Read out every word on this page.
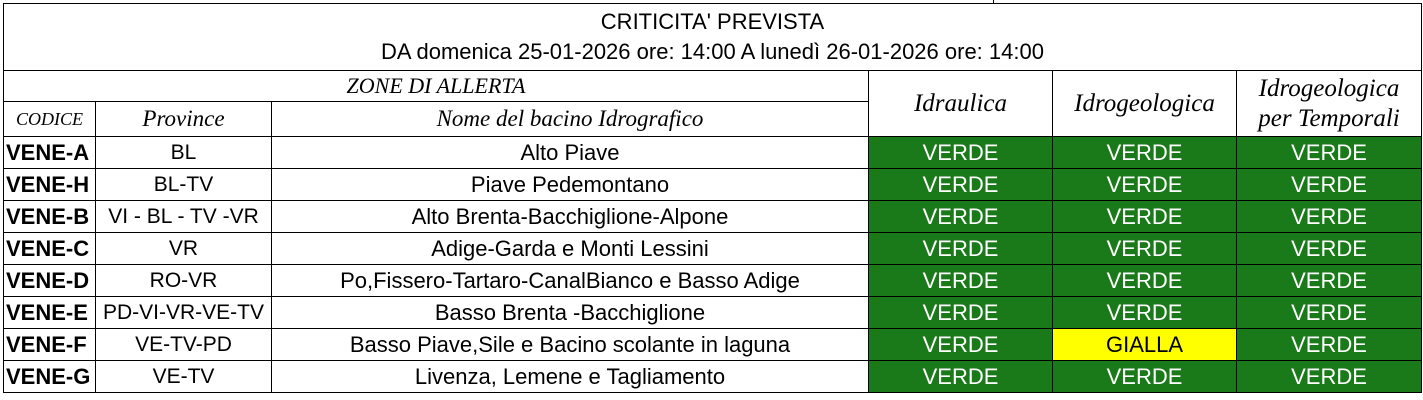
CRITICITA' PREVISTA
DA domenica 25-01-2026 ore: 14:00 A lunedì 26-01-2026 ore: 14:00					

ZONE DI ALLERTA			Idraulica	Idrogeologica	Idrogeologica
per Temporali

CODICE	Province	Nome del bacino Idrografico			
VENE-A	BL	Alto Piave	VERDE	VERDE	VERDE
VENE-H	BL-TV	Piave Pedemontano	VERDE	VERDE	VERDE
VENE-B	VI - BL - TV -VR	Alto Brenta-Bacchiglione-Alpone	VERDE	VERDE	VERDE
VENE-C	VR	Adige-Garda e Monti Lessini	VERDE	VERDE	VERDE
VENE-D	RO-VR	Po,Fissero-Tartaro-CanalBianco e Basso Adige	VERDE	VERDE	VERDE
VENE-E	PD-VI-VR-VE-TV	Basso Brenta -Bacchiglione	VERDE	VERDE	VERDE
VENE-F	VE-TV-PD	Basso Piave,Sile e Bacino scolante in laguna	VERDE	GIALLA	VERDE
VENE-G	VE-TV	Livenza, Lemene e Tagliamento	VERDE	VERDE	VERDE
